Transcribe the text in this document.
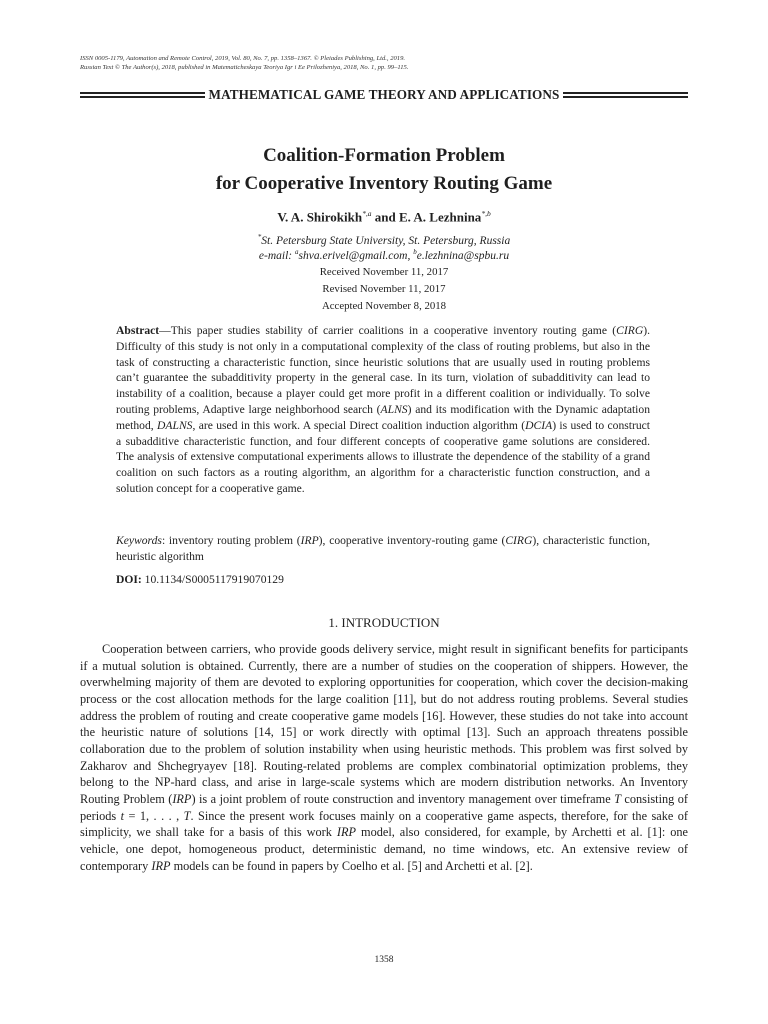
ISSN 0005-1179, Automation and Remote Control, 2019, Vol. 80, No. 7, pp. 1358–1367. © Pleiades Publishing, Ltd., 2019.
Russian Text © The Author(s), 2018, published in Matematicheskaya Teoriya Igr i Ee Prilozheniya, 2018, No. 1, pp. 99–115.
MATHEMATICAL GAME THEORY AND APPLICATIONS
Coalition-Formation Problem
for Cooperative Inventory Routing Game
V. A. Shirokikh$^{*,a}$ and E. A. Lezhnina$^{*,b}$
*St. Petersburg State University, St. Petersburg, Russia
e-mail: $^a$shva.erivel@gmail.com, $^b$e.lezhnina@spbu.ru
Received November 11, 2017
Revised November 11, 2017
Accepted November 8, 2018
Abstract—This paper studies stability of carrier coalitions in a cooperative inventory routing game (CIRG). Difficulty of this study is not only in a computational complexity of the class of routing problems, but also in the task of constructing a characteristic function, since heuristic solutions that are usually used in routing problems can’t guarantee the subadditivity property in the general case. In its turn, violation of subadditivity can lead to instability of a coalition, because a player could get more profit in a different coalition or individually. To solve routing problems, Adaptive large neighborhood search (ALNS) and its modification with the Dynamic adaptation method, DALNS, are used in this work. A special Direct coalition induction algorithm (DCIA) is used to construct a subadditive characteristic function, and four different concepts of cooperative game solutions are considered. The analysis of extensive computational experiments allows to illustrate the dependence of the stability of a grand coalition on such factors as a routing algorithm, an algorithm for a characteristic function construction, and a solution concept for a cooperative game.
Keywords: inventory routing problem (IRP), cooperative inventory-routing game (CIRG), characteristic function, heuristic algorithm
DOI: 10.1134/S0005117919070129
1. INTRODUCTION
Cooperation between carriers, who provide goods delivery service, might result in significant benefits for participants if a mutual solution is obtained. Currently, there are a number of studies on the cooperation of shippers. However, the overwhelming majority of them are devoted to exploring opportunities for cooperation, which cover the decision-making process or the cost allocation methods for the large coalition [11], but do not address routing problems. Several studies address the problem of routing and create cooperative game models [16]. However, these studies do not take into account the heuristic nature of solutions [14, 15] or work directly with optimal [13]. Such an approach threatens possible collaboration due to the problem of solution instability when using heuristic methods. This problem was first solved by Zakharov and Shchegryayev [18]. Routing-related problems are complex combinatorial optimization problems, they belong to the NP-hard class, and arise in large-scale systems which are modern distribution networks. An Inventory Routing Problem (IRP) is a joint problem of route construction and inventory management over timeframe T consisting of periods t = 1, . . . , T. Since the present work focuses mainly on a cooperative game aspects, therefore, for the sake of simplicity, we shall take for a basis of this work IRP model, also considered, for example, by Archetti et al. [1]: one vehicle, one depot, homogeneous product, deterministic demand, no time windows, etc. An extensive review of contemporary IRP models can be found in papers by Coelho et al. [5] and Archetti et al. [2].
1358
